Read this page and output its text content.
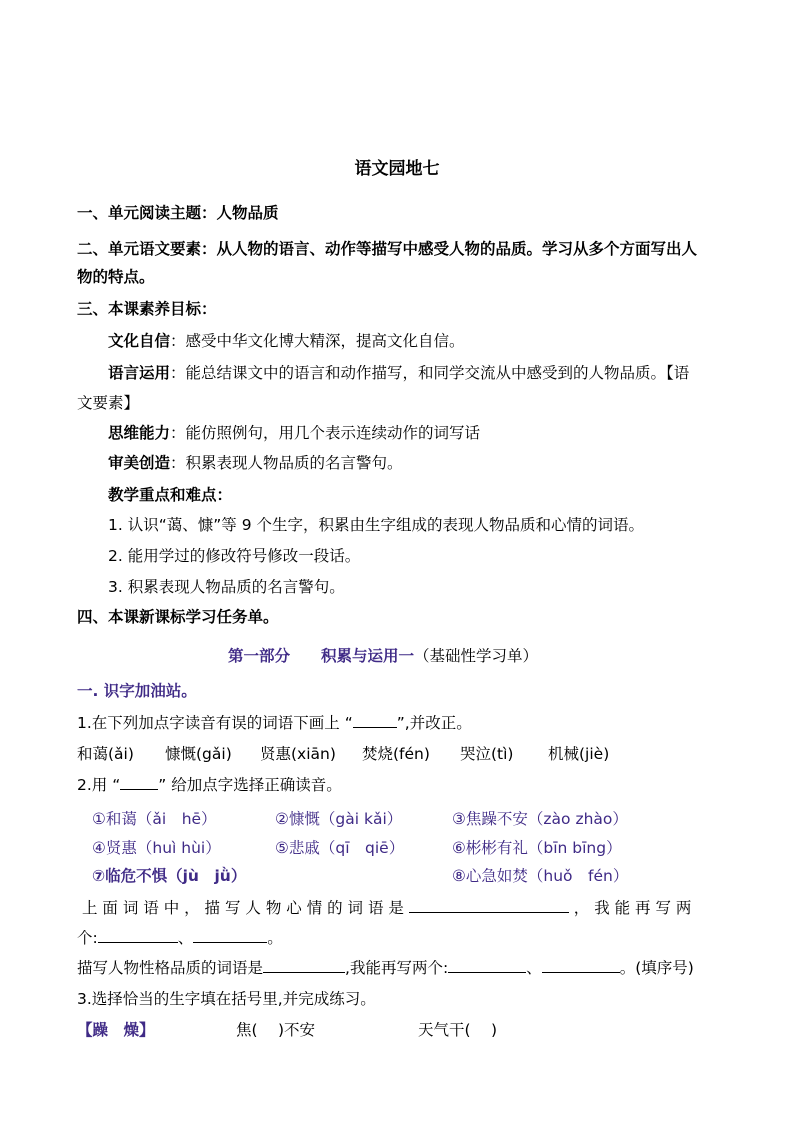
语文园地七
一、单元阅读主题：人物品质
二、单元语文要素：从人物的语言、动作等描写中感受人物的品质。学习从多个方面写出人
物的特点。
三、本课素养目标：
文化自信：感受中华文化博大精深，提高文化自信。
语言运用：能总结课文中的语言和动作描写，和同学交流从中感受到的人物品质。【语
文要素】
思维能力：能仿照例句，用几个表示连续动作的词写话
审美创造：积累表现人物品质的名言警句。
教学重点和难点：
1. 认识“蔼、慷”等 9 个生字，积累由生字组成的表现人物品质和心情的词语。
2. 能用学过的修改符号修改一段话。
3. 积累表现人物品质的名言警句。
四、本课新课标学习任务单。
第一部分　　积累与运用一（基础性学习单）
一. 识字加油站。
1.在下列加点字读音有误的词语下画上 “	”,并改正。
和蔼(ǎi) 慷慨(gǎi) 贤惠(xiān) 焚烧(fén) 哭泣(tì) 机械(jiè)
2.用 “ ” 给加点字选择正确读音。
①和蔼（ǎi　hē）	②慷慨（gài kǎi）	③焦躁不安（zào zhào）
④贤惠（huì hùi）	⑤悲戚（qī　qiē）	⑥彬彬有礼（bīn bīng）
⑦临危不惧（jù　jǜ）	⑧心急如焚（huǒ　fén）
上 面 词 语 中 ， 描 写 人 物 心 情 的 词 语 是	， 我 能 再 写 两
个:	、	。
描写人物性格品质的词语是	,我能再写两个:	、	。(填序号)
3.选择恰当的生字填在括号里,并完成练习。
【躁　燥】	焦(　 )不安	天气干(　 )
